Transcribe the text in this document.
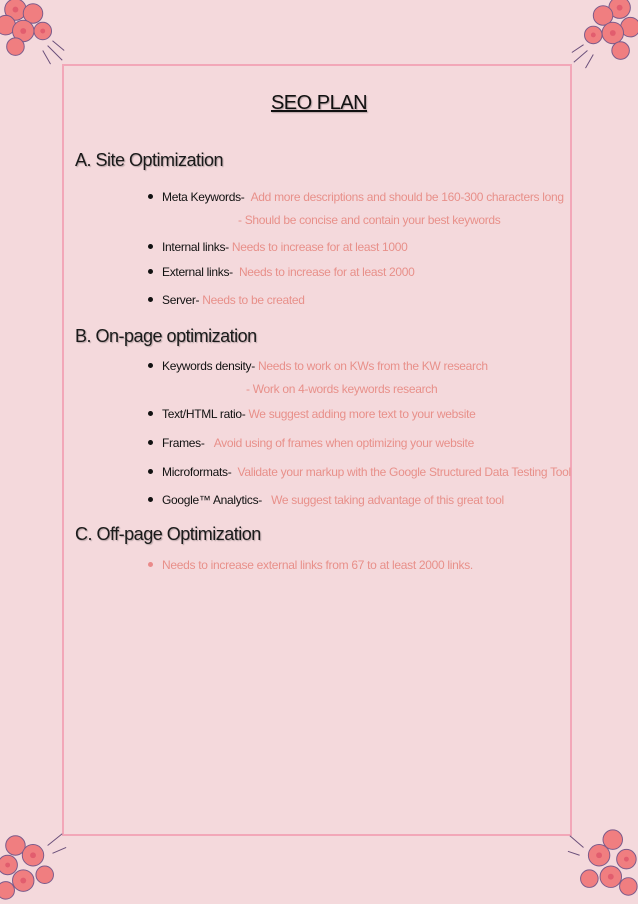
SEO PLAN
A. Site Optimization
Meta Keywords- Add more descriptions and should be 160-300 characters long
- Should be concise and contain your best keywords
Internal links- Needs to increase for at least 1000
External links- Needs to increase for at least 2000
Server- Needs to be created
B. On-page optimization
Keywords density- Needs to work on KWs from the KW research
- Work on 4-words keywords research
Text/HTML ratio- We suggest adding more text to your website
Frames- Avoid using of frames when optimizing your website
Microformats- Validate your markup with the Google Structured Data Testing Tool
Google™ Analytics- We suggest taking advantage of this great tool
C. Off-page Optimization
Needs to increase external links from 67 to at least 2000 links.
